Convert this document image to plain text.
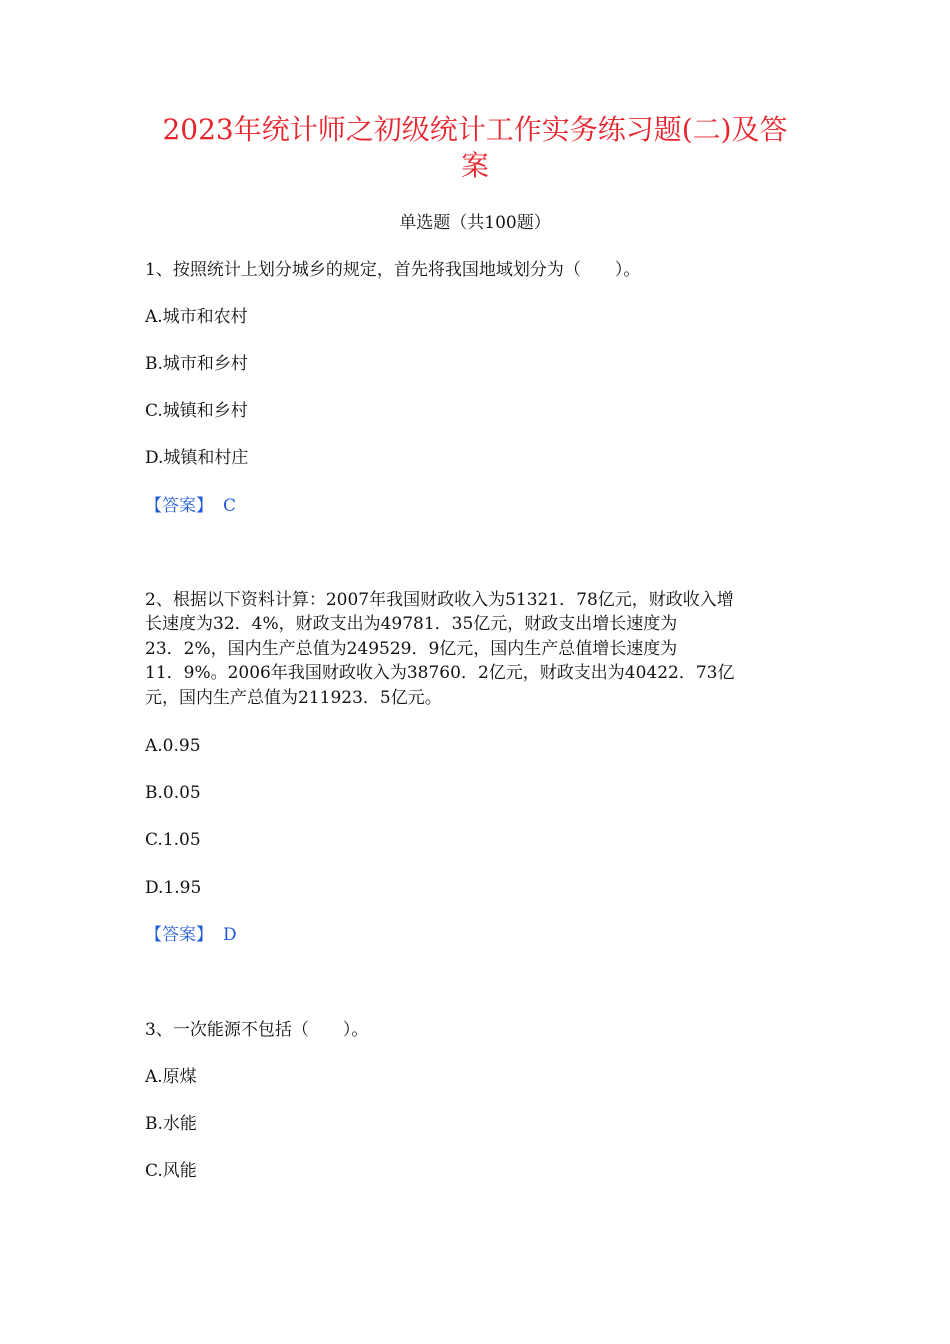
2023年统计师之初级统计工作实务练习题(二)及答
案
单选题（共100题）
1、按照统计上划分城乡的规定，首先将我国地域划分为（　　）。
A.城市和农村
B.城市和乡村
C.城镇和乡村
D.城镇和村庄
【答案】 C
2、根据以下资料计算：2007年我国财政收入为51321．78亿元，财政收入增
长速度为32．4%，财政支出为49781．35亿元，财政支出增长速度为
23．2%，国内生产总值为249529．9亿元，国内生产总值增长速度为
11．9%。2006年我国财政收入为38760．2亿元，财政支出为40422．73亿
元，国内生产总值为211923．5亿元。
A.0.95
B.0.05
C.1.05
D.1.95
【答案】 D
3、一次能源不包括（　　）。
A.原煤
B.水能
C.风能
